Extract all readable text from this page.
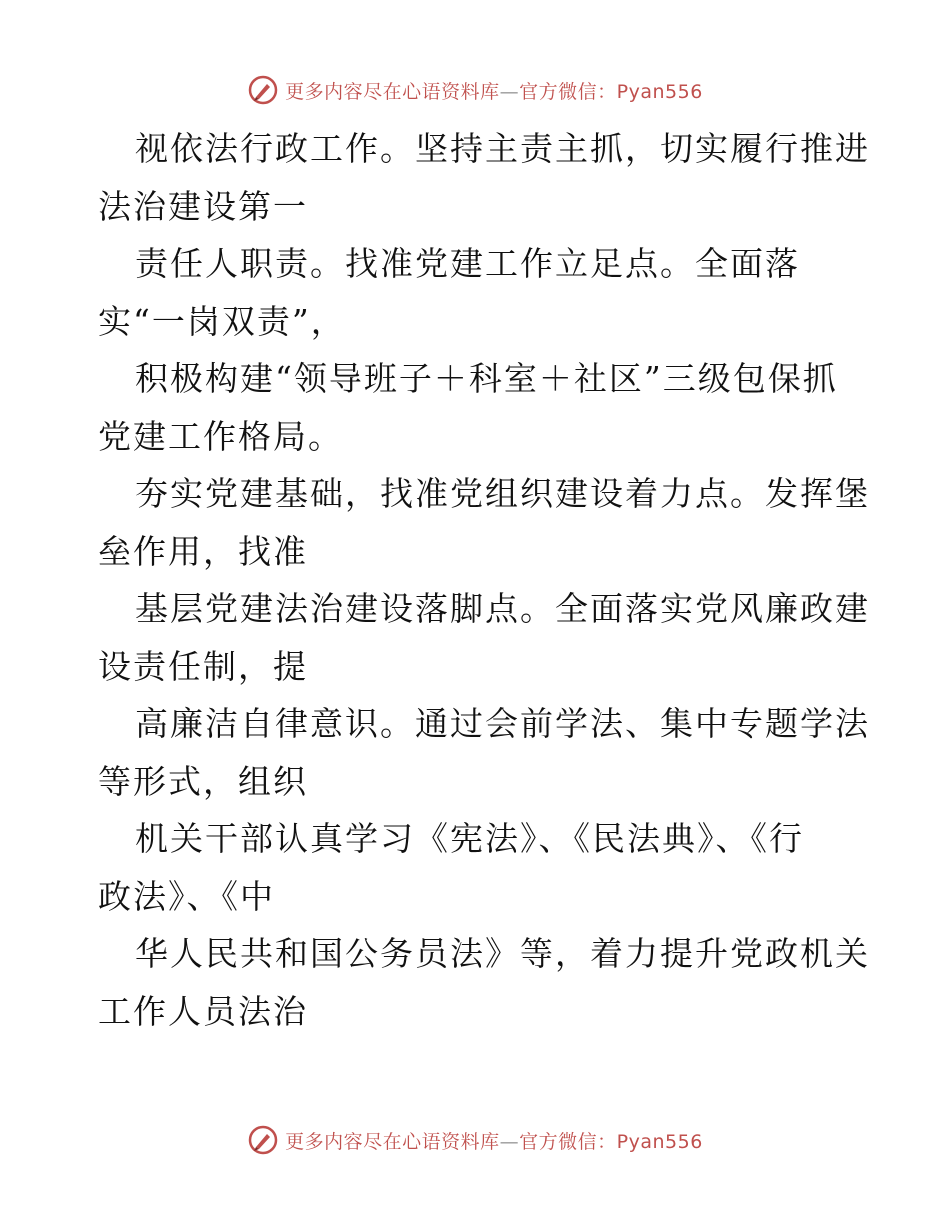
更多内容尽在心语资料库—官方微信：Pyan556

视依法行政工作。坚持主责主抓，切实履行推进
法治建设第一

责任人职责。找准党建工作立足点。全面落
实“一岗双责”，

积极构建“领导班子＋科室＋社区”三级包保抓
党建工作格局。

夯实党建基础，找准党组织建设着力点。发挥堡
垒作用，找准

基层党建法治建设落脚点。全面落实党风廉政建
设责任制，提

高廉洁自律意识。通过会前学法、集中专题学法
等形式，组织

机关干部认真学习《宪法》、《民法典》、《行
政法》、《中

华人民共和国公务员法》等，着力提升党政机关
工作人员法治

更多内容尽在心语资料库—官方微信：Pyan556
